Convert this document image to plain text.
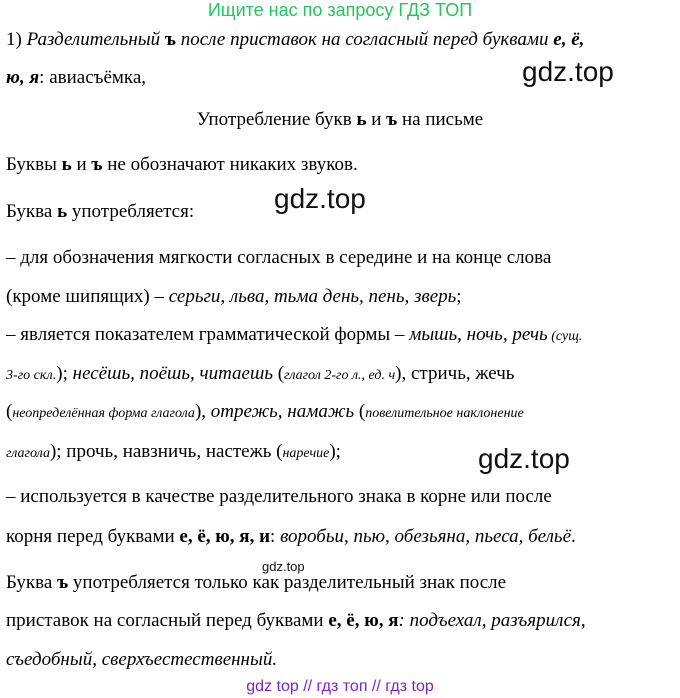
Ищите нас по запросу ГДЗ ТОП
1) Разделительный ъ после приставок на согласный перед буквами е, ё,
ю, я: авиасъёмка,	gdz.top
Употребление букв ь и ъ на письме
Буквы ь и ъ не обозначают никаких звуков.
Буква ь употребляется:	gdz.top
– для обозначения мягкости согласных в середине и на конце слова
(кроме шипящих) – серьги, льва, тьма день, пень, зверь;
– является показателем грамматической формы – мышь, ночь, речь (сущ.
3-го скл.); несёшь, поёшь, читаешь (глагол 2-го л., ед. ч), стричь, жечь
(неопределённая форма глагола), отрежь, намажь (повелительное наклонение
глагола); прочь, навзничь, настежь (наречие);	gdz.top
– используется в качестве разделительного знака в корне или после
корня перед буквами е, ё, ю, я, и: воробьи, пью, обезьяна, пьеса, бельё.
gdz.top
Буква ъ употребляется только как разделительный знак после
приставок на согласный перед буквами е, ё, ю, я: подъехал, разъярился,
съедобный, сверхъестественный.
gdz top // гдз топ // гдз top
